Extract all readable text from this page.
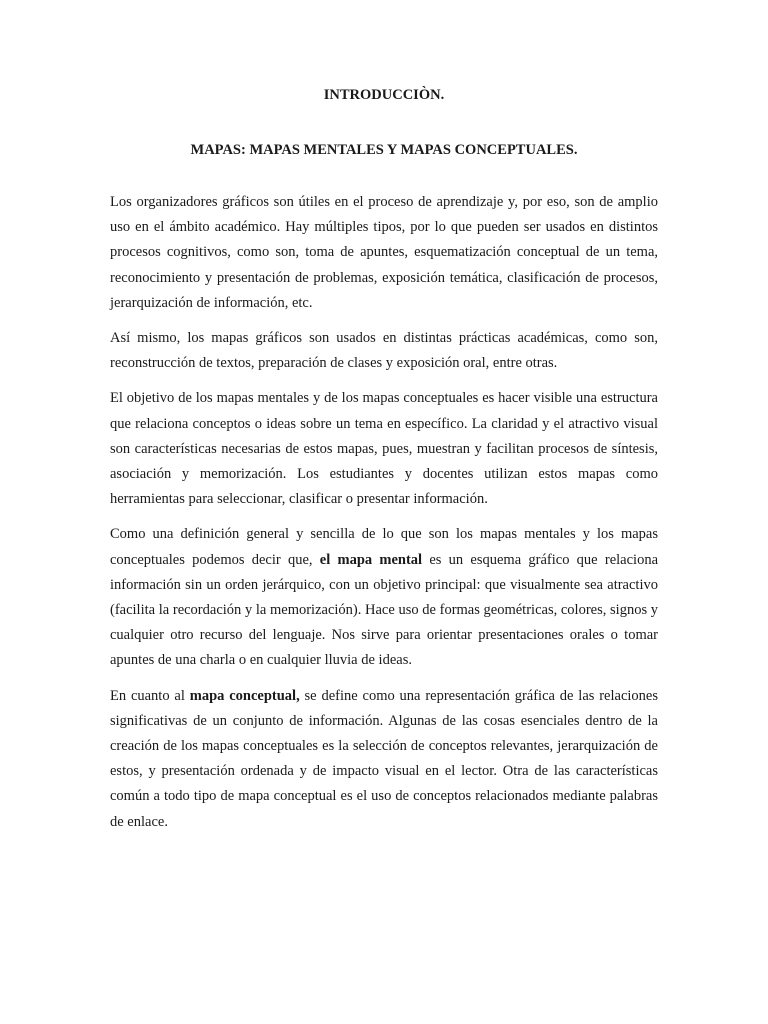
INTRODUCCIÒN.

MAPAS: MAPAS MENTALES Y MAPAS CONCEPTUALES.

Los organizadores gráficos son útiles en el proceso de aprendizaje y, por eso, son de amplio uso en el ámbito académico. Hay múltiples tipos, por lo que pueden ser usados en distintos procesos cognitivos, como son, toma de apuntes, esquematización conceptual de un tema, reconocimiento y presentación de problemas, exposición temática, clasificación de procesos, jerarquización de información, etc.

Así mismo, los mapas gráficos son usados en distintas prácticas académicas, como son, reconstrucción de textos, preparación de clases y exposición oral, entre otras.

El objetivo de los mapas mentales y de los mapas conceptuales es hacer visible una estructura que relaciona conceptos o ideas sobre un tema en específico. La claridad y el atractivo visual son características necesarias de estos mapas, pues, muestran y facilitan procesos de síntesis, asociación y memorización. Los estudiantes y docentes utilizan estos mapas como herramientas para seleccionar, clasificar o presentar información.

Como una definición general y sencilla de lo que son los mapas mentales y los mapas conceptuales podemos decir que, el mapa mental es un esquema gráfico que relaciona información sin un orden jerárquico, con un objetivo principal: que visualmente sea atractivo (facilita la recordación y la memorización). Hace uso de formas geométricas, colores, signos y cualquier otro recurso del lenguaje. Nos sirve para orientar presentaciones orales o tomar apuntes de una charla o en cualquier lluvia de ideas.

En cuanto al mapa conceptual, se define como una representación gráfica de las relaciones significativas de un conjunto de información. Algunas de las cosas esenciales dentro de la creación de los mapas conceptuales es la selección de conceptos relevantes, jerarquización de estos, y presentación ordenada y de impacto visual en el lector. Otra de las características común a todo tipo de mapa conceptual es el uso de conceptos relacionados mediante palabras de enlace.
